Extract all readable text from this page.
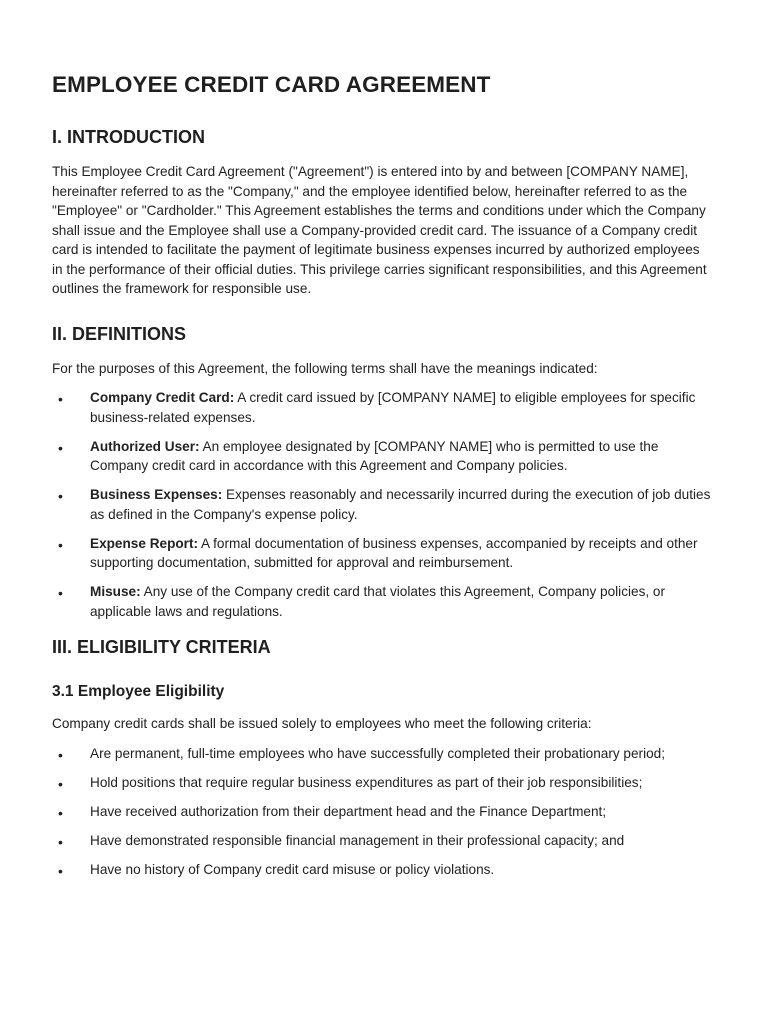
EMPLOYEE CREDIT CARD AGREEMENT
I. INTRODUCTION

This Employee Credit Card Agreement ("Agreement") is entered into by and between [COMPANY NAME], hereinafter referred to as the "Company," and the employee identified below, hereinafter referred to as the "Employee" or "Cardholder." This Agreement establishes the terms and conditions under which the Company shall issue and the Employee shall use a Company-provided credit card. The issuance of a Company credit card is intended to facilitate the payment of legitimate business expenses incurred by authorized employees in the performance of their official duties. This privilege carries significant responsibilities, and this Agreement outlines the framework for responsible use.

II. DEFINITIONS

For the purposes of this Agreement, the following terms shall have the meanings indicated:

• Company Credit Card: A credit card issued by [COMPANY NAME] to eligible employees for specific business-related expenses.
• Authorized User: An employee designated by [COMPANY NAME] who is permitted to use the Company credit card in accordance with this Agreement and Company policies.
• Business Expenses: Expenses reasonably and necessarily incurred during the execution of job duties as defined in the Company's expense policy.
• Expense Report: A formal documentation of business expenses, accompanied by receipts and other supporting documentation, submitted for approval and reimbursement.
• Misuse: Any use of the Company credit card that violates this Agreement, Company policies, or applicable laws and regulations.
III. ELIGIBILITY CRITERIA
3.1 Employee Eligibility

Company credit cards shall be issued solely to employees who meet the following criteria:

• Are permanent, full-time employees who have successfully completed their probationary period;
• Hold positions that require regular business expenditures as part of their job responsibilities;
• Have received authorization from their department head and the Finance Department;
• Have demonstrated responsible financial management in their professional capacity; and
• Have no history of Company credit card misuse or policy violations.
